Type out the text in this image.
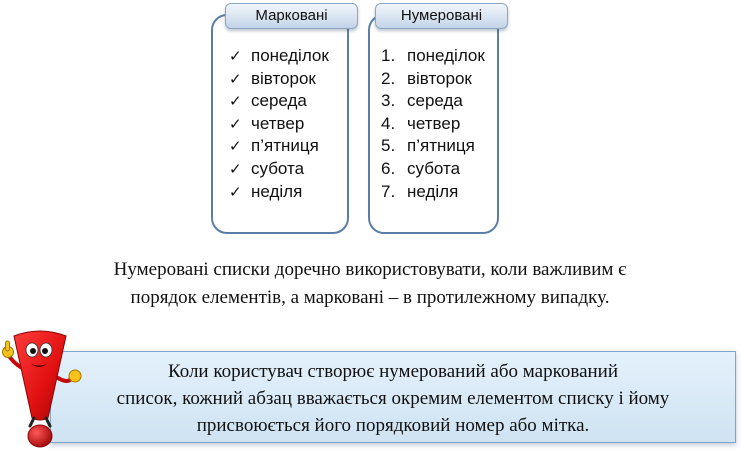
✓ понеділок
✓ вівторок
✓ середа
✓ четвер
✓ п’ятниця
✓ субота
✓ неділя
Марковані
1. понеділок
2. вівторок
3. середа
4. четвер
5. п’ятниця
6. субота
7. неділя
Нумеровані

Нумеровані списки доречно використовувати, коли важливим є
порядок елементів, а марковані – в протилежному випадку.

Коли користувач створює нумерований або маркований
список, кожний абзац вважається окремим елементом списку і йому
присвоюється його порядковий номер або мітка.
